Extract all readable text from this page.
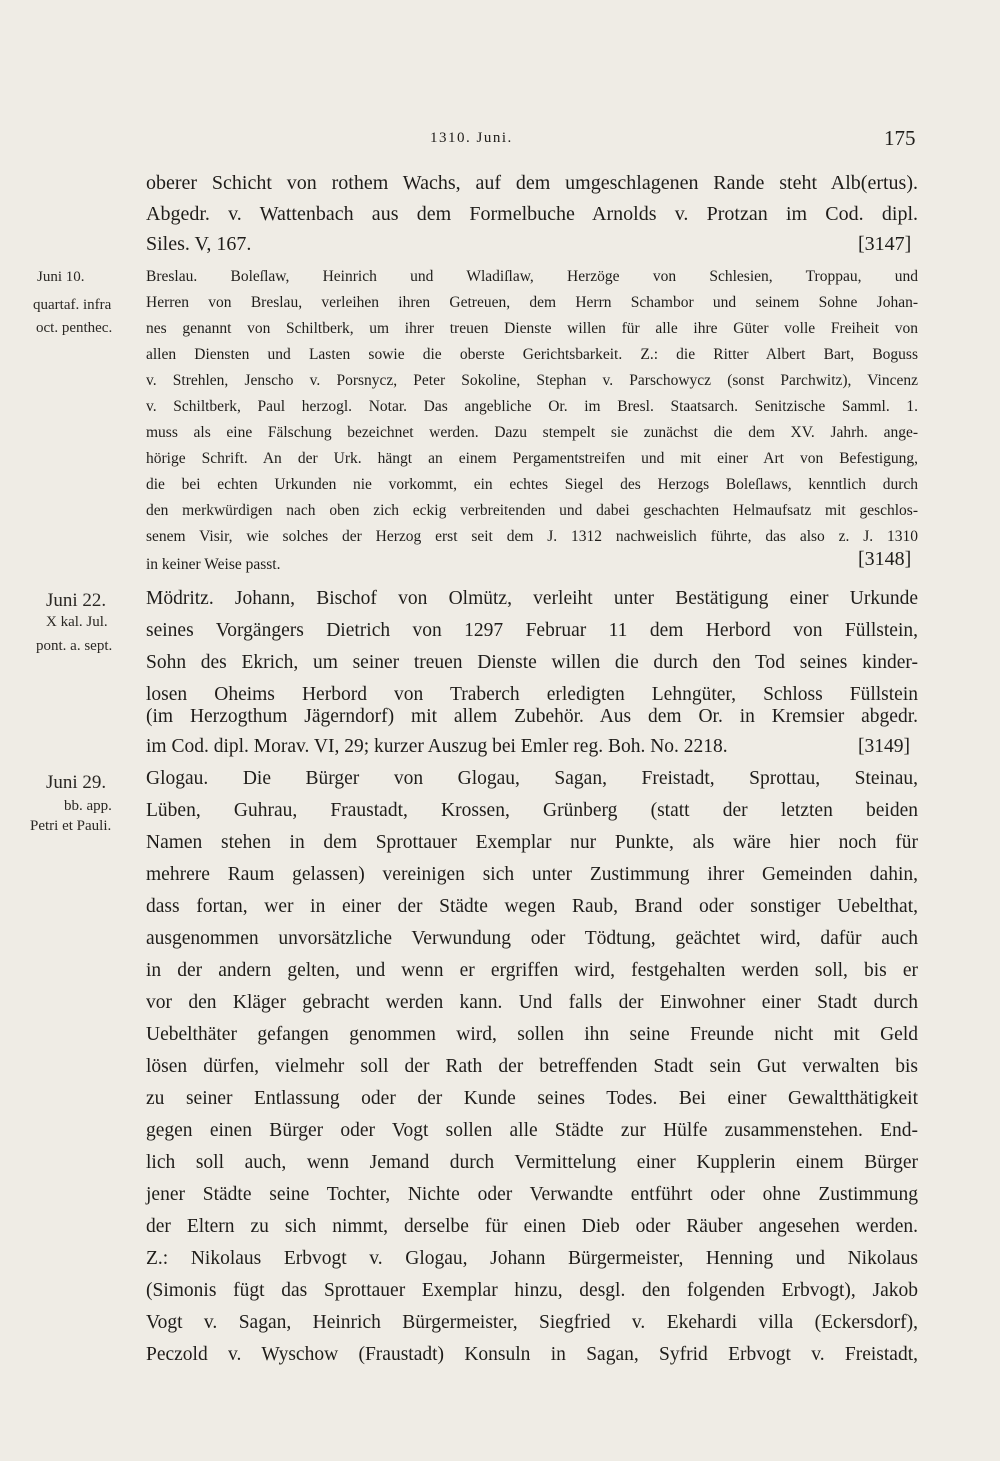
1310. Juni.	175
oberer Schicht von rothem Wachs, auf dem umgeschlagenen Rande steht Alb(ertus).
Abgedr. v. Wattenbach aus dem Formelbuche Arnolds v. Protzan im Cod. dipl.
Siles. V, 167.	[3147]
Juni 10.
quartaf. infra
oct. penthec.
Breslau. Boleſlaw, Heinrich und Wladiſlaw, Herzöge von Schlesien, Troppau, und
Herren von Breslau, verleihen ihren Getreuen, dem Herrn Schambor und seinem Sohne Johan-
nes genannt von Schiltberk, um ihrer treuen Dienste willen für alle ihre Güter volle Freiheit von
allen Diensten und Lasten sowie die oberste Gerichtsbarkeit. Z.: die Ritter Albert Bart, Boguss
v. Strehlen, Jenscho v. Porsnycz, Peter Sokoline, Stephan v. Parschowycz (sonst Parchwitz), Vincenz
v. Schiltberk, Paul herzogl. Notar. Das angebliche Or. im Bresl. Staatsarch. Senitzische Samml. 1.
muss als eine Fälschung bezeichnet werden. Dazu stempelt sie zunächst die dem XV. Jahrh. ange-
hörige Schrift. An der Urk. hängt an einem Pergamentstreifen und mit einer Art von Befestigung,
die bei echten Urkunden nie vorkommt, ein echtes Siegel des Herzogs Boleſlaws, kenntlich durch
den merkwürdigen nach oben zich eckig verbreitenden und dabei geschachten Helmaufsatz mit geschlos-
senem Visir, wie solches der Herzog erst seit dem J. 1312 nachweislich führte, das also z. J. 1310
in keiner Weise passt.	[3148]
Juni 22.
X kal. Jul.
pont. a. sept.
Mödritz. Johann, Bischof von Olmütz, verleiht unter Bestätigung einer Urkunde
seines Vorgängers Dietrich von 1297 Februar 11 dem Herbord von Füllstein,
Sohn des Ekrich, um seiner treuen Dienste willen die durch den Tod seines kinder-
losen Oheims Herbord von Traberch erledigten Lehngüter, Schloss Füllstein
(im Herzogthum Jägerndorf) mit allem Zubehör. Aus dem Or. in Kremsier abgedr.
im Cod. dipl. Morav. VI, 29; kurzer Auszug bei Emler reg. Boh. No. 2218.	[3149]
Juni 29.
bb. app.
Petri et Pauli.
Glogau. Die Bürger von Glogau, Sagan, Freistadt, Sprottau, Steinau,
Lüben, Guhrau, Fraustadt, Krossen, Grünberg (statt der letzten beiden
Namen stehen in dem Sprottauer Exemplar nur Punkte, als wäre hier noch für
mehrere Raum gelassen) vereinigen sich unter Zustimmung ihrer Gemeinden dahin,
dass fortan, wer in einer der Städte wegen Raub, Brand oder sonstiger Uebelthat,
ausgenommen unvorsätzliche Verwundung oder Tödtung, geächtet wird, dafür auch
in der andern gelten, und wenn er ergriffen wird, festgehalten werden soll, bis er
vor den Kläger gebracht werden kann. Und falls der Einwohner einer Stadt durch
Uebelthäter gefangen genommen wird, sollen ihn seine Freunde nicht mit Geld
lösen dürfen, vielmehr soll der Rath der betreffenden Stadt sein Gut verwalten bis
zu seiner Entlassung oder der Kunde seines Todes. Bei einer Gewaltthätigkeit
gegen einen Bürger oder Vogt sollen alle Städte zur Hülfe zusammenstehen. End-
lich soll auch, wenn Jemand durch Vermittelung einer Kupplerin einem Bürger
jener Städte seine Tochter, Nichte oder Verwandte entführt oder ohne Zustimmung
der Eltern zu sich nimmt, derselbe für einen Dieb oder Räuber angesehen werden.
Z.: Nikolaus Erbvogt v. Glogau, Johann Bürgermeister, Henning und Nikolaus
(Simonis fügt das Sprottauer Exemplar hinzu, desgl. den folgenden Erbvogt), Jakob
Vogt v. Sagan, Heinrich Bürgermeister, Siegfried v. Ekehardi villa (Eckersdorf),
Peczold v. Wyschow (Fraustadt) Konsuln in Sagan, Syfrid Erbvogt v. Freistadt,
